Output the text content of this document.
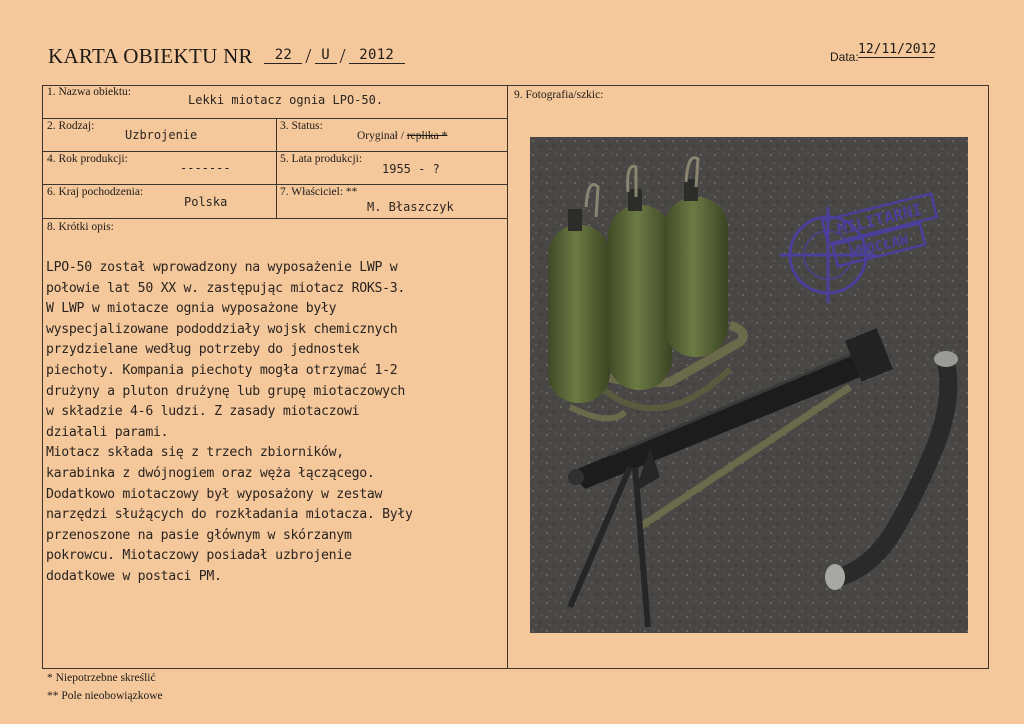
KARTA OBIEKTU NR 22 / U / 2012	Data: 12/11/2012
1. Nazwa obiektu:
Lekki miotacz ognia LPO-50.
2. Rodzaj:
Uzbrojenie
3. Status:
Oryginał / replika *
4. Rok produkcji:
-------
5. Lata produkcji:
1955 - ?
6. Kraj pochodzenia:
Polska
7. Właściciel: **
M. Błaszczyk
8. Krótki opis:
LPO-50 został wprowadzony na wyposażenie LWP w
połowie lat 50 XX w. zastępując miotacz ROKS-3.
W LWP w miotacze ognia wyposażone były
wyspecjalizowane pododdziały wojsk chemicznych
przydzielane według potrzeby do jednostek
piechoty. Kompania piechoty mogła otrzymać 1-2
drużyny a pluton drużynę lub grupę miotaczowych
w składzie 4-6 ludzi. Z zasady miotaczowi
działali parami.
Miotacz składa się z trzech zbiorników,
karabinka z dwójnogiem oraz węża łączącego.
Dodatkowo miotaczowy był wyposażony w zestaw
narzędzi służących do rozkładania miotacza. Były
przenoszone na pasie głównym w skórzanym
pokrowcu. Miotaczowy posiadał uzbrojenie
dodatkowe w postaci PM.
9. Fotografia/szkic:
MILITARNI
WROCŁAW
* Niepotrzebne skreślić
** Pole nieobowiązkowe
